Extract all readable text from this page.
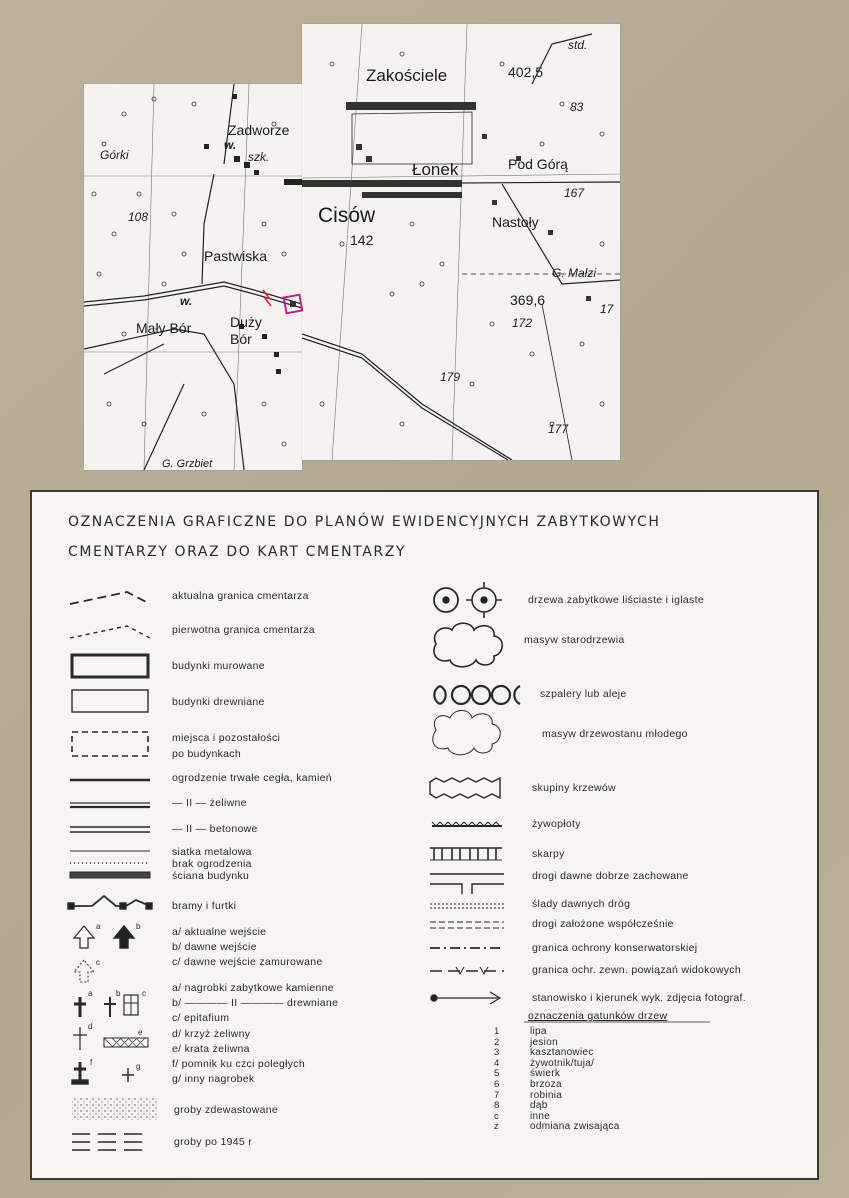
Zadworze
Górki	szk.
w.
108
Pastwiska
w.
Mały Bór	Duży Bór
G. Grzbiet
std.
Zakościele	402,5
83
Łonek	Pod Górą
Cisów
142
167
Nastoły
G. Małzi
369,6
172
17
179
177
OZNACZENIA GRAFICZNE DO PLANÓW EWIDENCYJNYCH ZABYTKOWYCH
CMENTARZY ORAZ DO KART CMENTARZY
aktualna granica cmentarza
pierwotna granica cmentarza
budynki murowane
budynki drewniane
miejsca i pozostałości
po budynkach
ogrodzenie trwałe cegła, kamień
— II — żeliwne
— II — betonowe
siatka metalowa
brak ogrodzenia
ściana budynku
bramy i furtki
a/ aktualne wejście
b/ dawne wejście
c/ dawne wejście zamurowane
a/ nagrobki zabytkowe kamienne
b/ ———— II ———— drewniane
c/ epitafium
d/ krzyż żeliwny
e/ krata żeliwna
f/ pomnik ku czci poległych
g/ inny nagrobek
groby zdewastowane
groby po 1945 r
a	b
c
a	b	c
d
e
f	g
drzewa zabytkowe liściaste i iglaste
masyw starodrzewia
szpalery lub aleje
masyw drzewostanu młodego
skupiny krzewów
żywopłoty
skarpy
drogi dawne dobrze zachowane
ślady dawnych dróg
drogi założone współcześnie
granica ochrony konserwatorskiej
granica ochr. zewn. powiązań widokowych
stanowisko i kierunek wyk. zdjęcia fotograf.
oznaczenia gatunków drzew
1	lipa
2	jesion
3	kasztanowiec
4	żywotnik/tuja/
5	świerk
6	brzoza
7	robinia
8	dąb
c	inne
z	odmiana zwisająca
